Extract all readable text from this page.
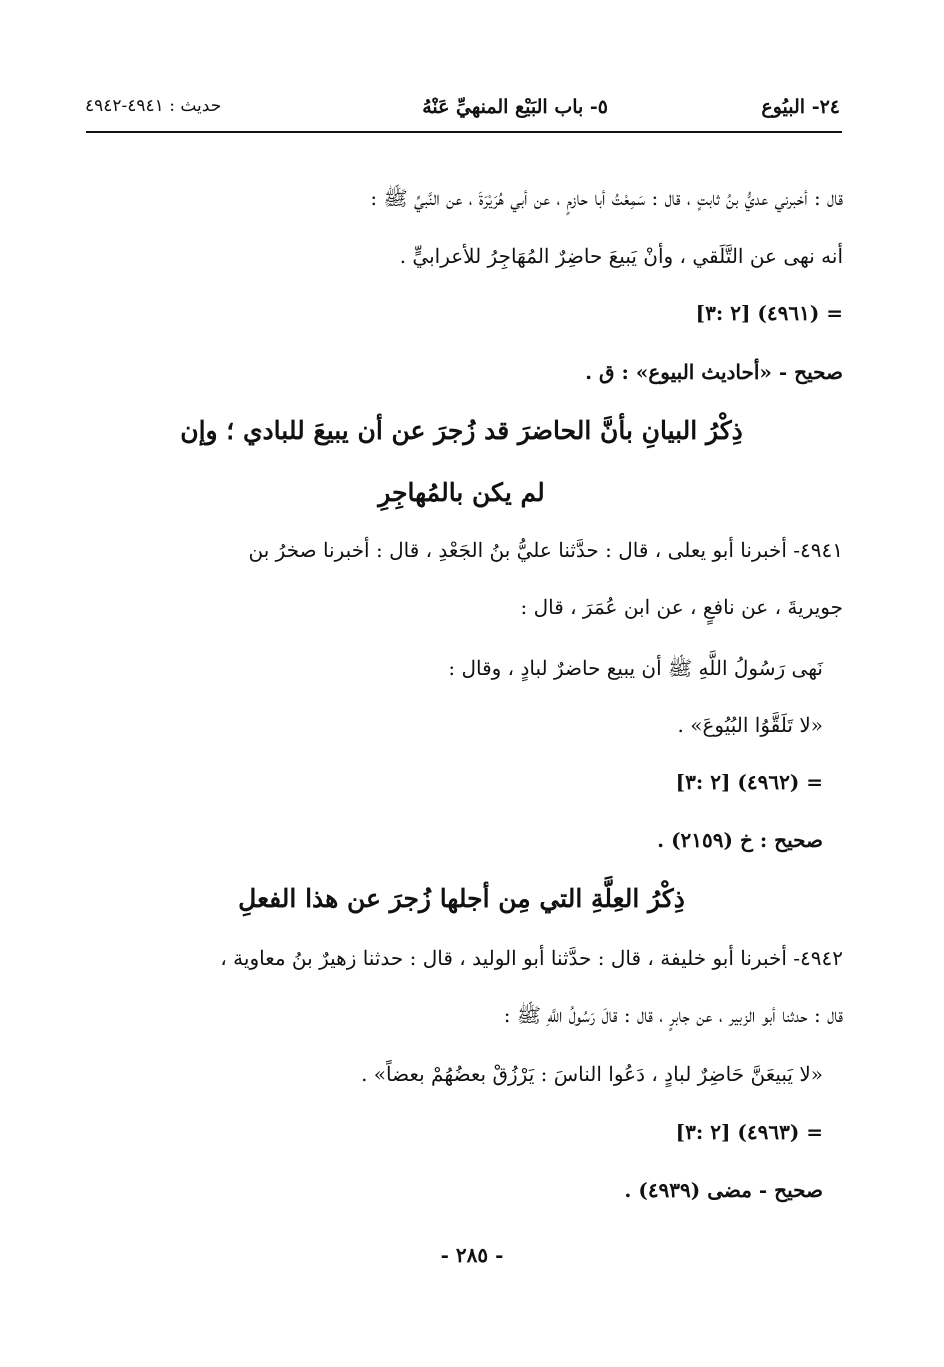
٢٤- البيُوع
٥- باب البَيْع المنهيِّ عَنْهُ
حديث : ٤٩٤١-٤٩٤٢
قال : أخبرني عديُّ بنُ ثابتٍ ، قال : سَمِعْتُ أبا حازمٍ ، عن أبي هُرَيْرَةَ ، عن النَّبيِّ ﷺ :
أنه نهى عن التَّلَقي ، وأنْ يَبيعَ حاضِرٌ المُهَاجِرُ للأعرابيٍّ .
= (٤٩٦١) [٢ :٣]
صحيح - «أحاديث البيوع» : ق .
ذِكْرُ البيانِ بأنَّ الحاضرَ قد زُجرَ عن أن يبيعَ للبادي ؛ وإن
لم يكن بالمُهاجِرِ
٤٩٤١- أخبرنا أبو يعلى ، قال : حدَّثنا عليُّ بنُ الجَعْدِ ، قال : أخبرنا صخرُ بن
جويريةَ ، عن نافعٍ ، عن ابن عُمَرَ ، قال :
نَهى رَسُولُ اللَّهِ ﷺ أن يبيع حاضرٌ لبادٍ ، وقال :
«لا تَلَقَّوُا البُيُوعَ» .
= (٤٩٦٢) [٢ :٣]
صحيح : خ (٢١٥٩) .
ذِكْرُ العِلَّةِ التي مِن أجلها زُجرَ عن هذا الفعلِ
٤٩٤٢- أخبرنا أبو خليفة ، قال : حدَّثنا أبو الوليد ، قال : حدثنا زهيرٌ بنُ معاوية ،
قال : حدثنا أبو الزبير ، عن جابرٍ ، قال : قالَ رَسُولُ اللَّهِ ﷺ :
«لا يَبيعَنَّ حَاضِرٌ لبادٍ ، دَعُوا الناسَ : يَرْزُقْ بعضُهُمْ بعضاً» .
= (٤٩٦٣) [٢ :٣]
صحيح - مضى (٤٩٣٩) .
- ٢٨٥ -
